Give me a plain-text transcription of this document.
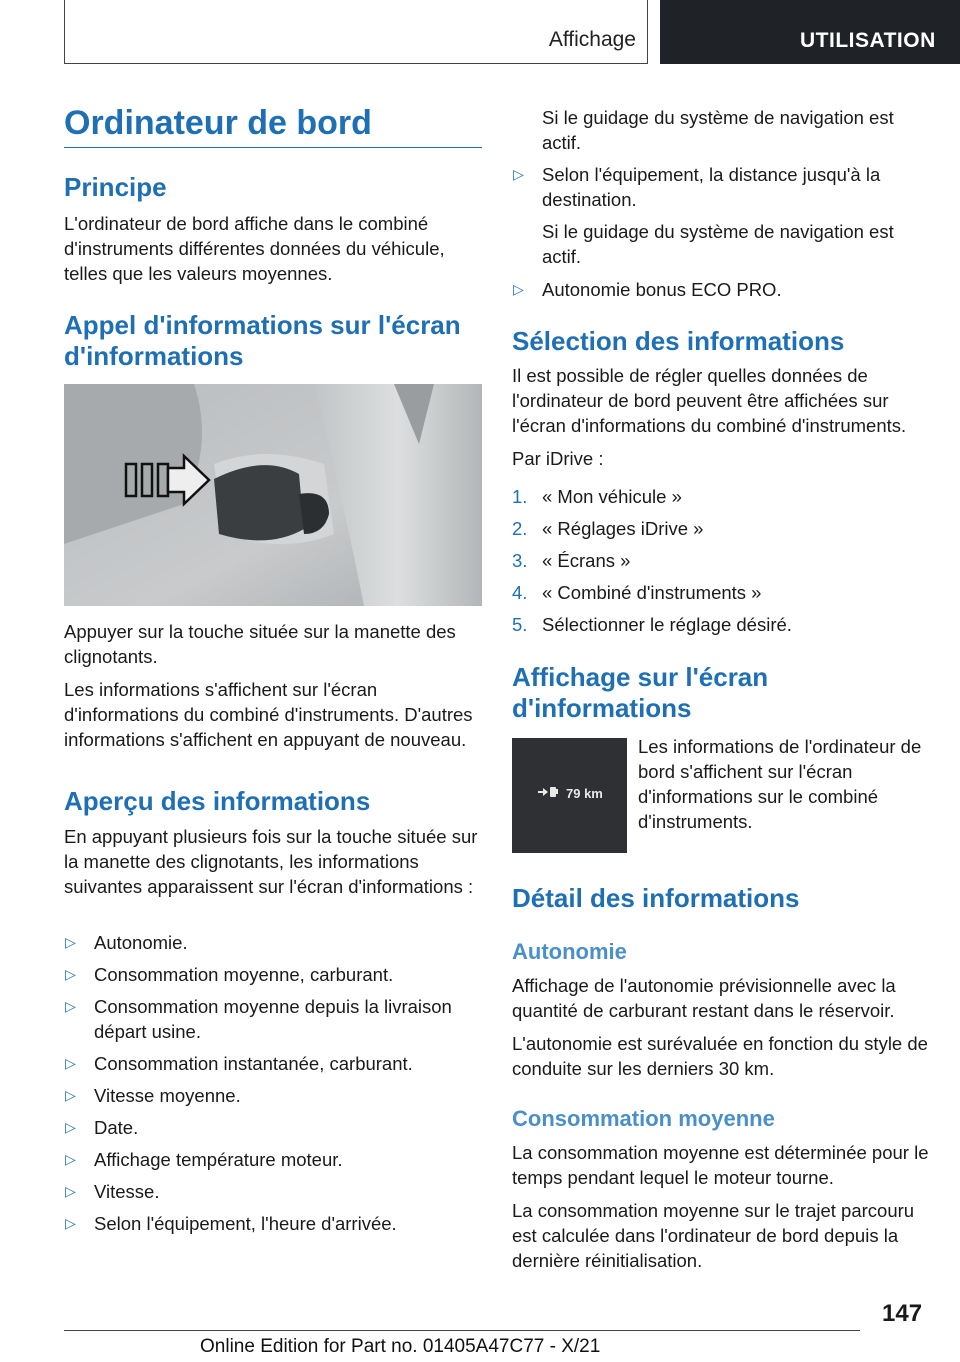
Affichage	UTILISATION
Ordinateur de bord
Principe

L'ordinateur de bord affiche dans le combiné d'instruments différentes données du véhicule, telles que les valeurs moyennes.

Appel d'informations sur l'écran d'informations

Appuyer sur la touche située sur la manette des clignotants.

Les informations s'affichent sur l'écran d'informations du combiné d'instruments. D'autres informations s'affichent en appuyant de nouveau.

Aperçu des informations

En appuyant plusieurs fois sur la touche située sur la manette des clignotants, les informations suivantes apparaissent sur l'écran d'informations :

▷ Autonomie.
▷ Consommation moyenne, carburant.
▷ Consommation moyenne depuis la livraison départ usine.
▷ Consommation instantanée, carburant.
▷ Vitesse moyenne.
▷ Date.
▷ Affichage température moteur.
▷ Vitesse.
▷ Selon l'équipement, l'heure d'arrivée.

Si le guidage du système de navigation est actif.

▷ Selon l'équipement, la distance jusqu'à la destination.

Si le guidage du système de navigation est actif.

▷ Autonomie bonus ECO PRO.
Sélection des informations

Il est possible de régler quelles données de l'ordinateur de bord peuvent être affichées sur l'écran d'informations du combiné d'instruments.

Par iDrive :

1. « Mon véhicule »
2. « Réglages iDrive »
3. « Écrans »
4. « Combiné d'instruments »
5. Sélectionner le réglage désiré.
Affichage sur l'écran d'informations
79 km

Les informations de l'ordinateur de bord s'affichent sur l'écran d'informations sur le combiné d'instruments.

Détail des informations
Autonomie

Affichage de l'autonomie prévisionnelle avec la quantité de carburant restant dans le réservoir.

L'autonomie est surévaluée en fonction du style de conduite sur les derniers 30 km.

Consommation moyenne

La consommation moyenne est déterminée pour le temps pendant lequel le moteur tourne.

La consommation moyenne sur le trajet parcouru est calculée dans l'ordinateur de bord depuis la dernière réinitialisation.

147
Online Edition for Part no. 01405A47C77 - X/21
